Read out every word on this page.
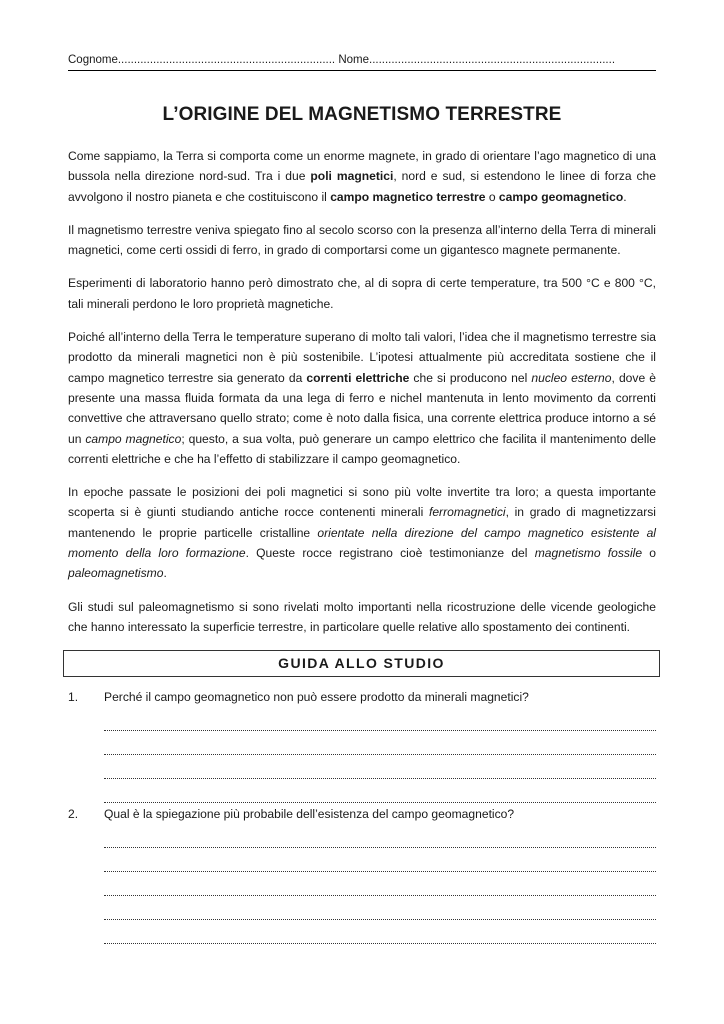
Cognome.................................................................... Nome.............................................................................
L’ORIGINE DEL MAGNETISMO TERRESTRE

Come sappiamo, la Terra si comporta come un enorme magnete, in grado di orientare l’ago magnetico di una bussola nella direzione nord-sud. Tra i due poli magnetici, nord e sud, si estendono le linee di forza che avvolgono il nostro pianeta e che costituiscono il campo magnetico terrestre o campo geomagnetico.

Il magnetismo terrestre veniva spiegato fino al secolo scorso con la presenza all’interno della Terra di minerali magnetici, come certi ossidi di ferro, in grado di comportarsi come un gigantesco magnete permanente.

Esperimenti di laboratorio hanno però dimostrato che, al di sopra di certe temperature, tra 500 °C e 800 °C, tali minerali perdono le loro proprietà magnetiche.

Poiché all’interno della Terra le temperature superano di molto tali valori, l’idea che il magnetismo terrestre sia prodotto da minerali magnetici non è più sostenibile. L’ipotesi attualmente più accreditata sostiene che il campo magnetico terrestre sia generato da correnti elettriche che si producono nel nucleo esterno, dove è presente una massa fluida formata da una lega di ferro e nichel mantenuta in lento movimento da correnti convettive che attraversano quello strato; come è noto dalla fisica, una corrente elettrica produce intorno a sé un campo magnetico; questo, a sua volta, può generare un campo elettrico che facilita il mantenimento delle correnti elettriche e che ha l’effetto di stabilizzare il campo geomagnetico.

In epoche passate le posizioni dei poli magnetici si sono più volte invertite tra loro; a questa importante scoperta si è giunti studiando antiche rocce contenenti minerali ferromagnetici, in grado di magnetizzarsi mantenendo le proprie particelle cristalline orientate nella direzione del campo magnetico esistente al momento della loro formazione. Queste rocce registrano cioè testimonianze del magnetismo fossile o paleomagnetismo.

Gli studi sul paleomagnetismo si sono rivelati molto importanti nella ricostruzione delle vicende geologiche che hanno interessato la superficie terrestre, in particolare quelle relative allo spostamento dei continenti.

GUIDA ALLO STUDIO
1. Perché il campo geomagnetico non può essere prodotto da minerali magnetici?
2. Qual è la spiegazione più probabile dell’esistenza del campo geomagnetico?
